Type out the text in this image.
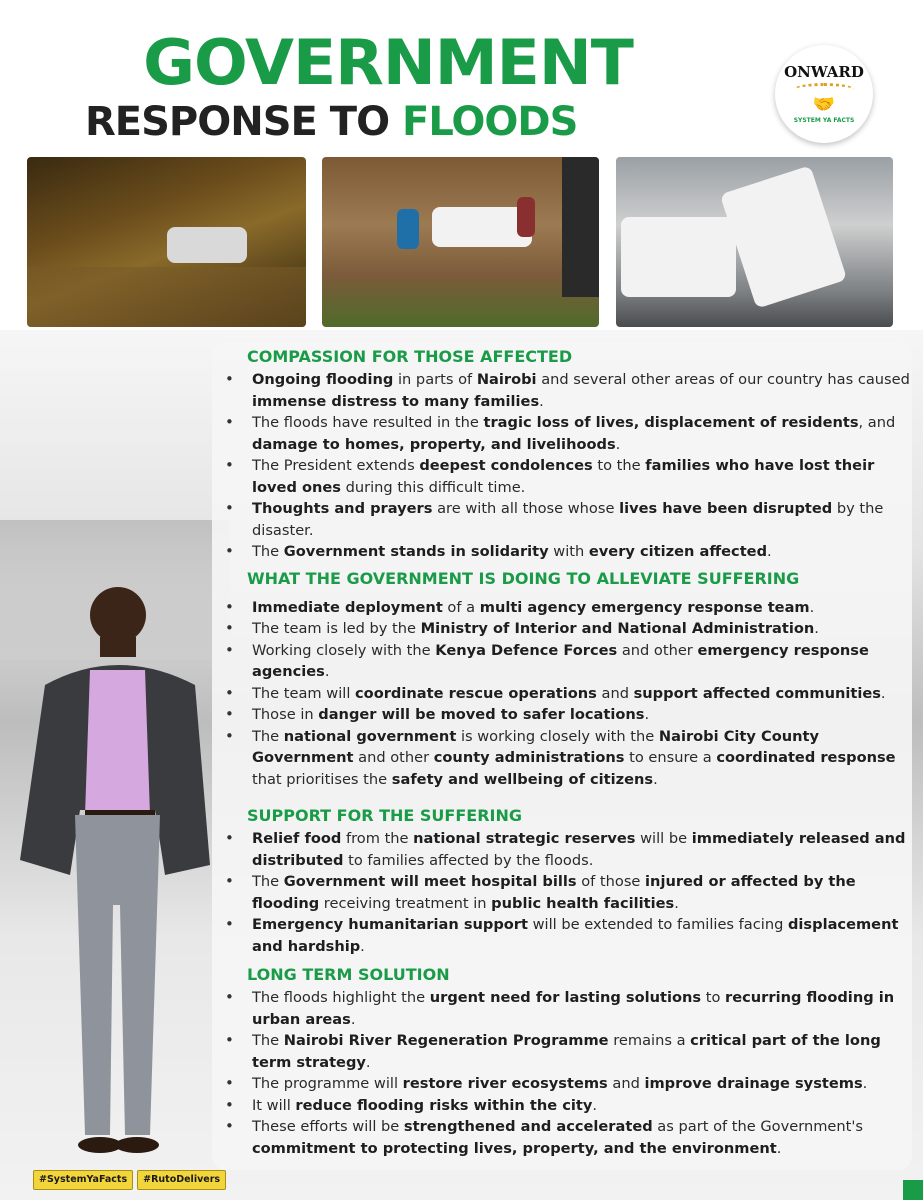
GOVERNMENT
RESPONSE TO FLOODS
ONWARD
🤝
SYSTEM YA FACTS
COMPASSION FOR THOSE AFFECTED
• Ongoing flooding in parts of Nairobi and several other areas of our country has caused immense distress to many families.
• The floods have resulted in the tragic loss of lives, displacement of residents, and damage to homes, property, and livelihoods.
• The President extends deepest condolences to the families who have lost their loved ones during this difficult time.
• Thoughts and prayers are with all those whose lives have been disrupted by the disaster.
• The Government stands in solidarity with every citizen affected.
WHAT THE GOVERNMENT IS DOING TO ALLEVIATE SUFFERING
• Immediate deployment of a multi agency emergency response team.
• The team is led by the Ministry of Interior and National Administration.
• Working closely with the Kenya Defence Forces and other emergency response agencies.
• The team will coordinate rescue operations and support affected communities.
• Those in danger will be moved to safer locations.
• The national government is working closely with the Nairobi City County Government and other county administrations to ensure a coordinated response that prioritises the safety and wellbeing of citizens.
SUPPORT FOR THE SUFFERING
• Relief food from the national strategic reserves will be immediately released and distributed to families affected by the floods.
• The Government will meet hospital bills of those injured or affected by the flooding receiving treatment in public health facilities.
• Emergency humanitarian support will be extended to families facing displacement and hardship.
LONG TERM SOLUTION
• The floods highlight the urgent need for lasting solutions to recurring flooding in urban areas.
• The Nairobi River Regeneration Programme remains a critical part of the long term strategy.
• The programme will restore river ecosystems and improve drainage systems.
• It will reduce flooding risks within the city.
• These efforts will be strengthened and accelerated as part of the Government's commitment to protecting lives, property, and the environment.
#SystemYaFacts	#RutoDelivers
